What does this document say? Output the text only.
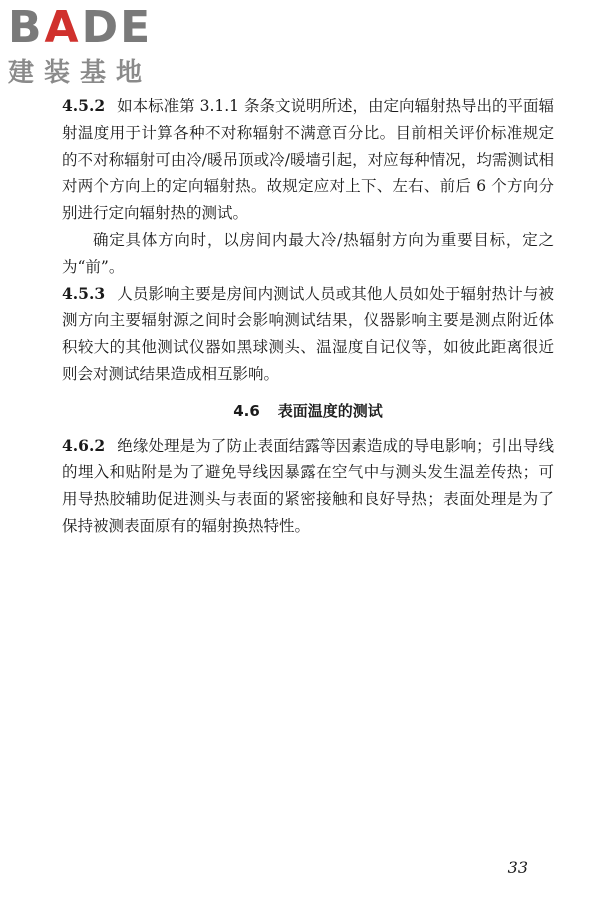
B A DE
建装基地

4.5.2 如本标准第 3.1.1 条条文说明所述，由定向辐射热导出的平面辐射温度用于计算各种不对称辐射不满意百分比。目前相关评价标准规定的不对称辐射可由冷/暖吊顶或冷/暖墙引起，对应每种情况，均需测试相对两个方向上的定向辐射热。故规定应对上下、左右、前后 6 个方向分别进行定向辐射热的测试。

确定具体方向时，以房间内最大冷/热辐射方向为重要目标，定之为“前”。

4.5.3 人员影响主要是房间内测试人员或其他人员如处于辐射热计与被测方向主要辐射源之间时会影响测试结果，仪器影响主要是测点附近体积较大的其他测试仪器如黑球测头、温湿度自记仪等，如彼此距离很近则会对测试结果造成相互影响。

4.6 表面温度的测试

4.6.2 绝缘处理是为了防止表面结露等因素造成的导电影响；引出导线的埋入和贴附是为了避免导线因暴露在空气中与测头发生温差传热；可用导热胶辅助促进测头与表面的紧密接触和良好导热；表面处理是为了保持被测表面原有的辐射换热特性。

33
